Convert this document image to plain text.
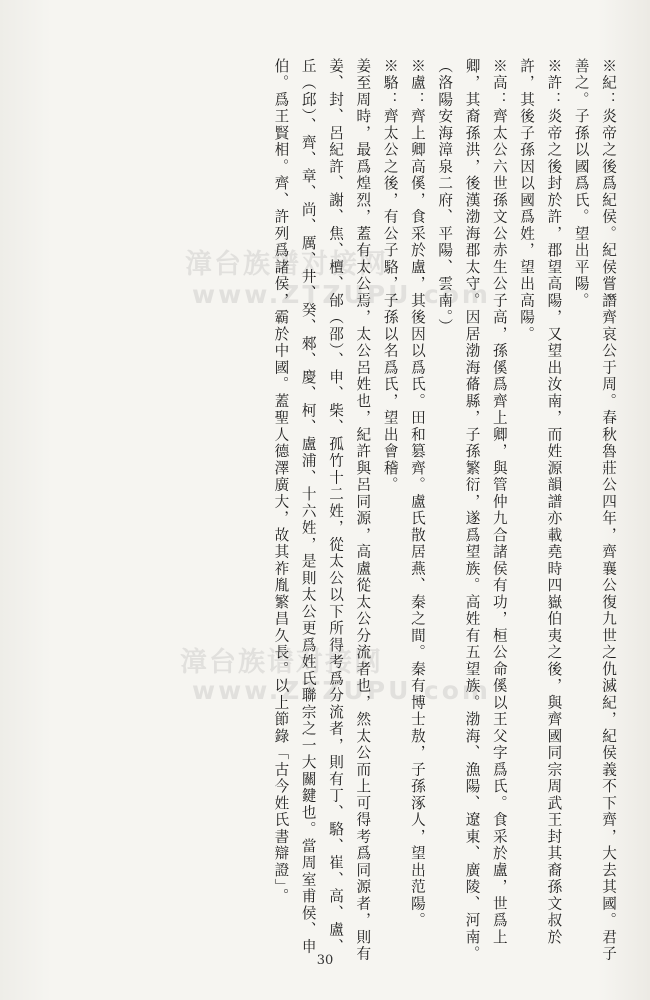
漳台族谱对接网
www.ZTZUPU.com
漳台族谱对接网
www.ZTZUPU.com	※紀：炎帝之後爲紀侯。紀侯嘗譖齊哀公于周。春秋魯莊公四年，齊襄公復九世之仇滅紀，紀侯義不下齊，大去其國。君子善之。子孫以國爲氏。望出平陽。

※許：炎帝之後封於許，郡望高陽，又望出汝南，而姓源韻譜亦載堯時四嶽伯夷之後，與齊國同宗周武王封其裔孫文叔於許，其後子孫因以國爲姓，望出高陽。

※高：齊太公六世孫文公赤生公子高，孫傒爲齊上卿，與管仲九合諸侯有功，桓公命傒以王父字爲氏。食采於盧，世爲上卿，其裔孫洪，後漢渤海郡太守。因居渤海蓨縣，子孫繁衍，遂爲望族。高姓有五望族。渤海、漁陽、遼東、廣陵、河南。（洛陽安海漳泉二府、平陽、雲南。）

※盧：齊上卿高傒，食采於盧，其後因以爲氏。田和篡齊。盧氏散居燕、秦之間。秦有博士敖，子孫涿人，望出范陽。

※駱：齊太公之後，有公子駱，子孫以名爲氏，望出會稽。

姜至周時，最爲煌烈，蓋有太公焉，太公呂姓也，紀許與呂同源，高盧從太公分流者也，然太公而上可得考爲同源者，則有姜、封、呂紀許、謝、焦、檀、邰（邵）、申、柴、孤竹十二姓，從太公以下所得考爲分流者，則有丁、駱、崔、高、盧、丘（邱）、齊、章、尚、厲、井、癸、郲、慶、柯、盧浦、十六姓，是則太公更爲姓氏聯宗之一大關鍵也。當周室甫侯、申伯。爲王賢相。齊、許列爲諸侯，霸於中國。蓋聖人德澤廣大，故其祚胤繁昌久長。以上節錄「古今姓氏書辯證」。

30
